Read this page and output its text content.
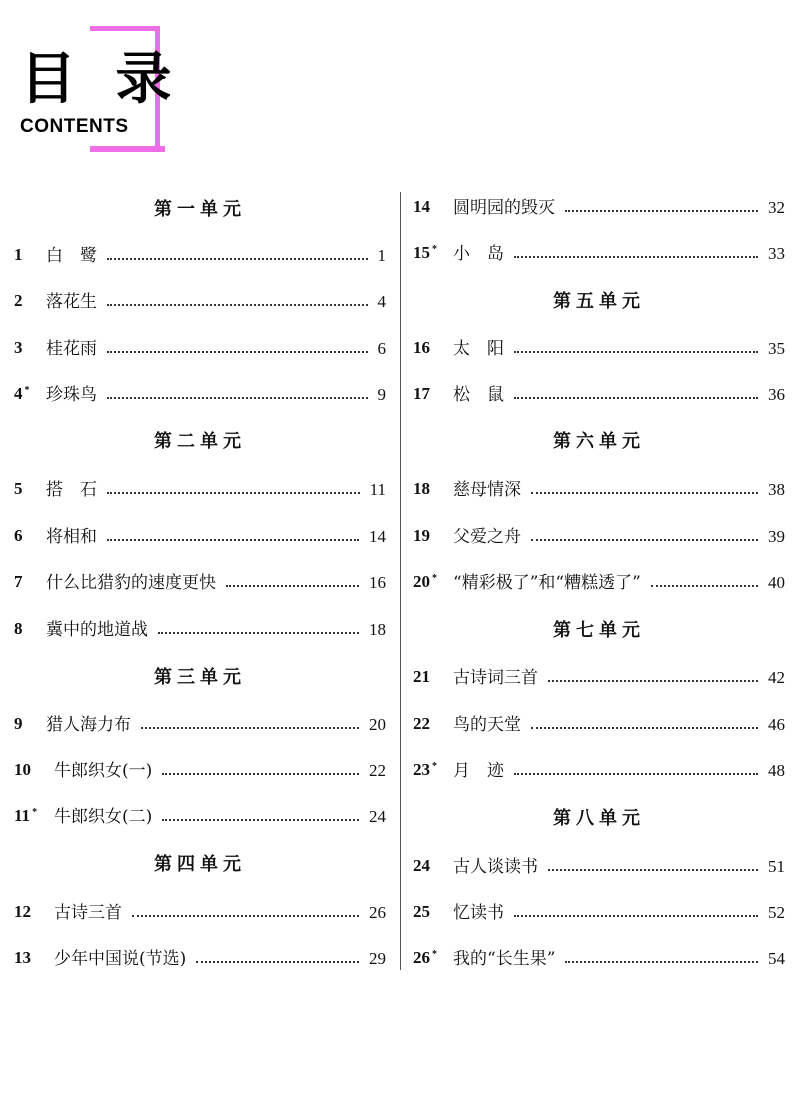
目 录
CONTENTS
第一单元
1	白　鹭	1
2	落花生	4
3	桂花雨	6
4 * 珍珠鸟	9
第二单元
5	搭　石	11
6	将相和	14
7	什么比猎豹的速度更快	16
8	冀中的地道战	18
第三单元
9	猎人海力布	20
10	牛郎织女(一)	22
11 * 牛郎织女(二)	24
第四单元
12	古诗三首	26
13	少年中国说(节选)	29
14	圆明园的毁灭	32
15 * 小　岛	33
第五单元
16	太　阳	35
17	松　鼠	36
第六单元
18	慈母情深	38
19	父爱之舟	39
20 * “精彩极了”和“糟糕透了”	40
第七单元
21	古诗词三首	42
22	鸟的天堂	46
23 * 月　迹	48
第八单元
24	古人谈读书	51
25	忆读书	52
26 * 我的“长生果”	54
